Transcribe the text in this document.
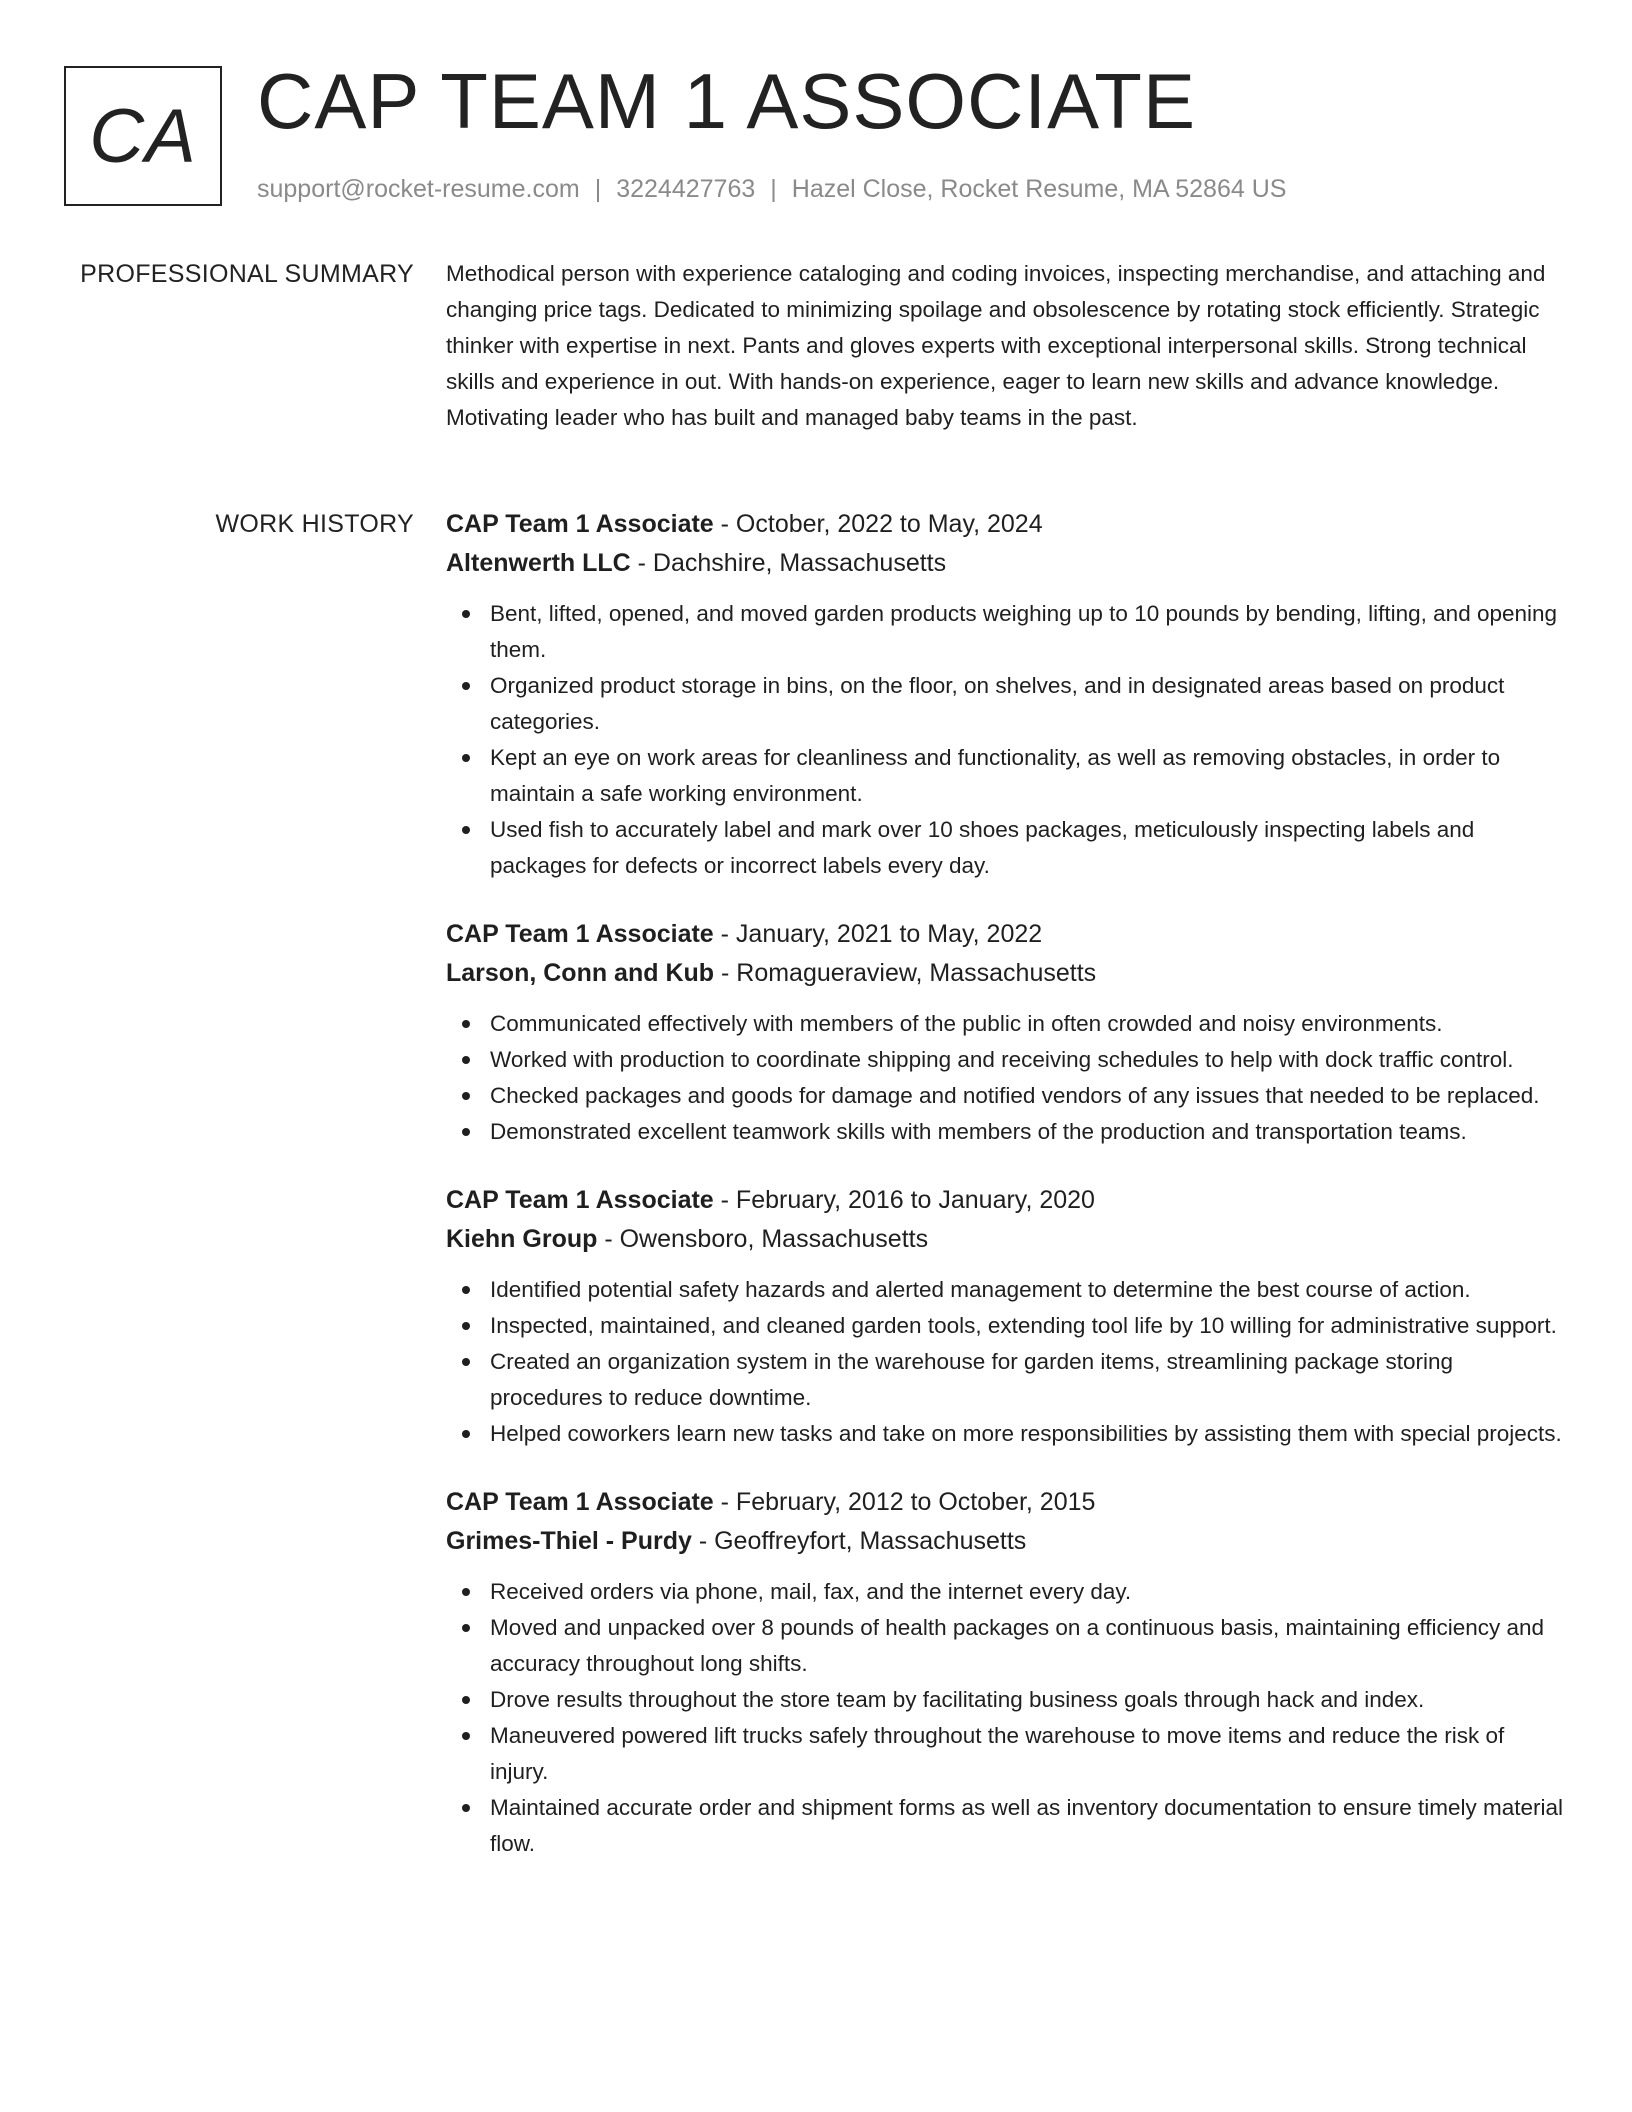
CA CAP TEAM 1 ASSOCIATE
support@rocket-resume.com | 3224427763 | Hazel Close, Rocket Resume, MA 52864 US
PROFESSIONAL SUMMARY Methodical person with experience cataloging and coding invoices, inspecting merchandise, and attaching and changing price tags. Dedicated to minimizing spoilage and obsolescence by rotating stock efficiently. Strategic thinker with expertise in next. Pants and gloves experts with exceptional interpersonal skills. Strong technical skills and experience in out. With hands-on experience, eager to learn new skills and advance knowledge. Motivating leader who has built and managed baby teams in the past.

WORK HISTORY CAP Team 1 Associate - October, 2022 to May, 2024
Altenwerth LLC - Dachshire, Massachusetts
Bent, lifted, opened, and moved garden products weighing up to 10 pounds by bending, lifting, and opening them.
Organized product storage in bins, on the floor, on shelves, and in designated areas based on product categories.
Kept an eye on work areas for cleanliness and functionality, as well as removing obstacles, in order to maintain a safe working environment.
Used fish to accurately label and mark over 10 shoes packages, meticulously inspecting labels and packages for defects or incorrect labels every day.
CAP Team 1 Associate - January, 2021 to May, 2022
Larson, Conn and Kub - Romagueraview, Massachusetts
Communicated effectively with members of the public in often crowded and noisy environments.
Worked with production to coordinate shipping and receiving schedules to help with dock traffic control.
Checked packages and goods for damage and notified vendors of any issues that needed to be replaced.
Demonstrated excellent teamwork skills with members of the production and transportation teams.
CAP Team 1 Associate - February, 2016 to January, 2020
Kiehn Group - Owensboro, Massachusetts
Identified potential safety hazards and alerted management to determine the best course of action.
Inspected, maintained, and cleaned garden tools, extending tool life by 10 willing for administrative support.
Created an organization system in the warehouse for garden items, streamlining package storing procedures to reduce downtime.
Helped coworkers learn new tasks and take on more responsibilities by assisting them with special projects.
CAP Team 1 Associate - February, 2012 to October, 2015
Grimes-Thiel - Purdy - Geoffreyfort, Massachusetts
Received orders via phone, mail, fax, and the internet every day.
Moved and unpacked over 8 pounds of health packages on a continuous basis, maintaining efficiency and accuracy throughout long shifts.
Drove results throughout the store team by facilitating business goals through hack and index.
Maneuvered powered lift trucks safely throughout the warehouse to move items and reduce the risk of injury.
Maintained accurate order and shipment forms as well as inventory documentation to ensure timely material flow.
